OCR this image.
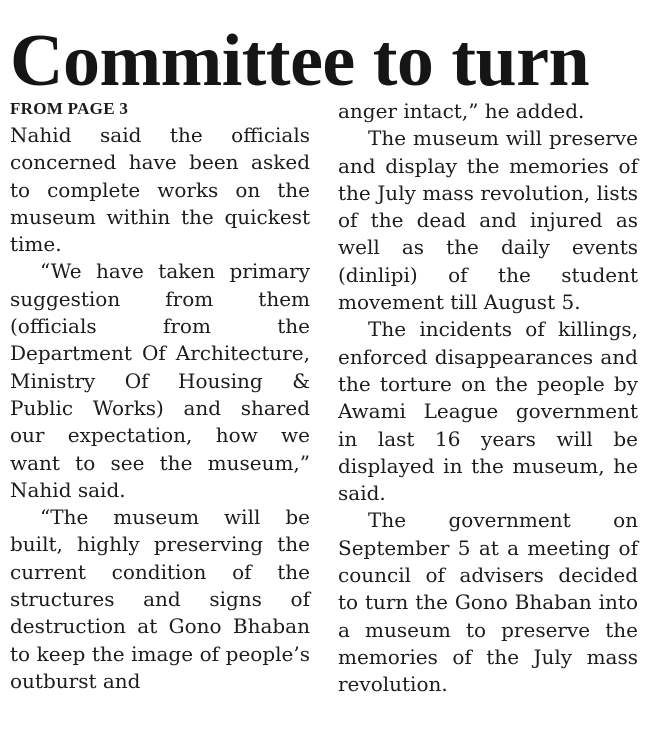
Committee to turn
FROM PAGE 3

Nahid said the officials concerned have been asked to complete works on the museum within the quickest time.

“We have taken primary suggestion from them (officials from the Department Of Architecture, Ministry Of Housing & Public Works) and shared our expectation, how we want to see the museum,” Nahid said.

“The museum will be built, highly preserving the current condition of the structures and signs of destruction at Gono Bhaban to keep the image of people’s outburst and

anger intact,” he added.

The museum will preserve and display the memories of the July mass revolution, lists of the dead and injured as well as the daily events (dinlipi) of the student movement till August 5.

The incidents of killings, enforced disappearances and the torture on the people by Awami League government in last 16 years will be displayed in the museum, he said.

The government on September 5 at a meeting of council of advisers decided to turn the Gono Bhaban into a museum to preserve the memories of the July mass revolution.
